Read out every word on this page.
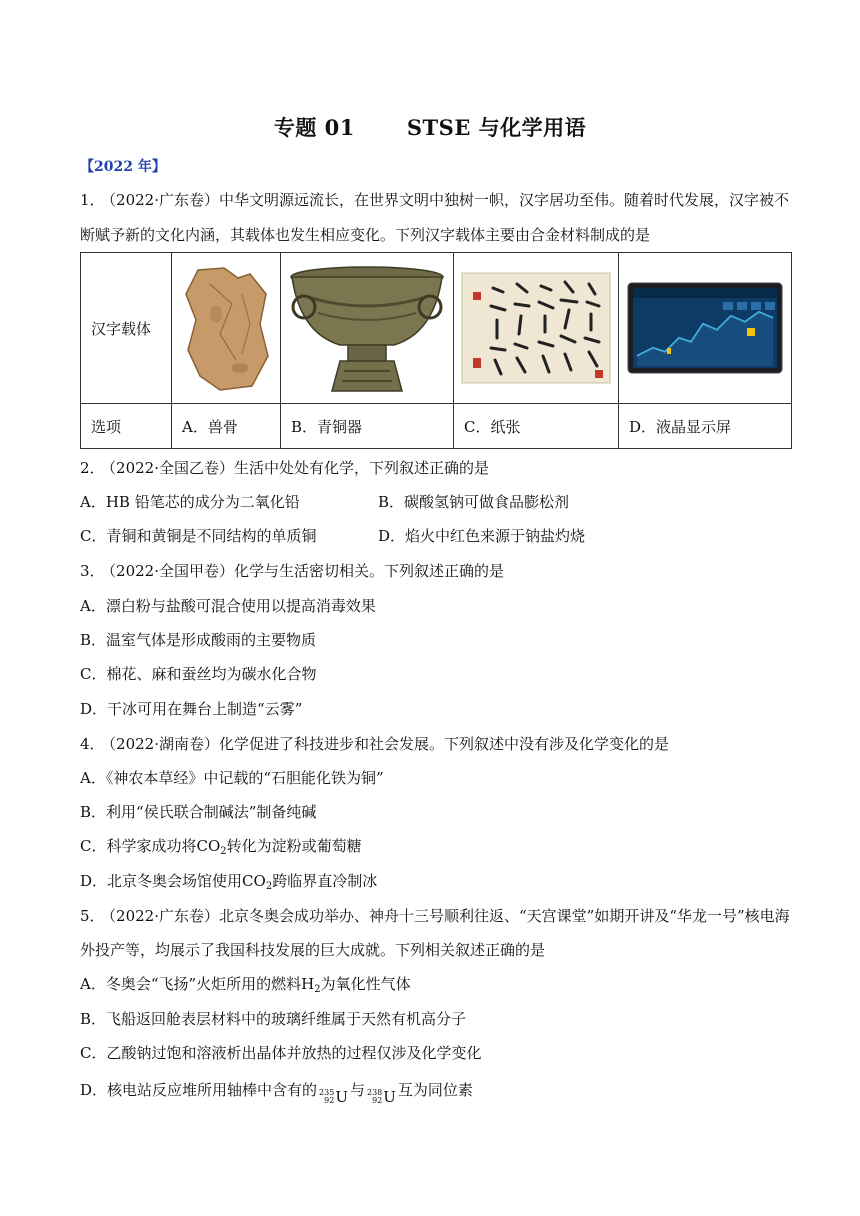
专题 01 STSE 与化学用语
【2022 年】
1． （2022·广东卷）中华文明源远流长，在世界文明中独树一帜，汉字居功至伟。随着时代发展，汉字被不
断赋予新的文化内涵，其载体也发生相应变化。下列汉字载体主要由合金材料制成的是
汉字载体	

选项	A．兽骨	B．青铜器	C．纸张	D．液晶显示屏
2． （2022·全国乙卷）生活中处处有化学，下列叙述正确的是
A．HB 铅笔芯的成分为二氧化铅	B．碳酸氢钠可做食品膨松剂
C．青铜和黄铜是不同结构的单质铜	D．焰火中红色来源于钠盐灼烧
3． （2022·全国甲卷）化学与生活密切相关。下列叙述正确的是
A．漂白粉与盐酸可混合使用以提高消毒效果
B．温室气体是形成酸雨的主要物质
C．棉花、麻和蚕丝均为碳水化合物
D．干冰可用在舞台上制造“云雾”
4． （2022·湖南卷）化学促进了科技进步和社会发展。下列叙述中没有涉及化学变化的是
A．《神农本草经》中记载的“石胆能化铁为铜”
B．利用“侯氏联合制碱法”制备纯碱
C．科学家成功将$CO_2$转化为淀粉或葡萄糖
D．北京冬奥会场馆使用$CO_2$跨临界直冷制冰
5． （2022·广东卷）北京冬奥会成功举办、神舟十三号顺利往返、“天宫课堂”如期开讲及“华龙一号”核电海
外投产等，均展示了我国科技发展的巨大成就。下列相关叙述正确的是
A．冬奥会“飞扬”火炬所用的燃料$H_2$为氧化性气体
B．飞船返回舱表层材料中的玻璃纤维属于天然有机高分子
C．乙酸钠过饱和溶液析出晶体并放热的过程仅涉及化学变化
D．核电站反应堆所用轴棒中含有的 235
92 U 与 238
92 U 互为同位素
